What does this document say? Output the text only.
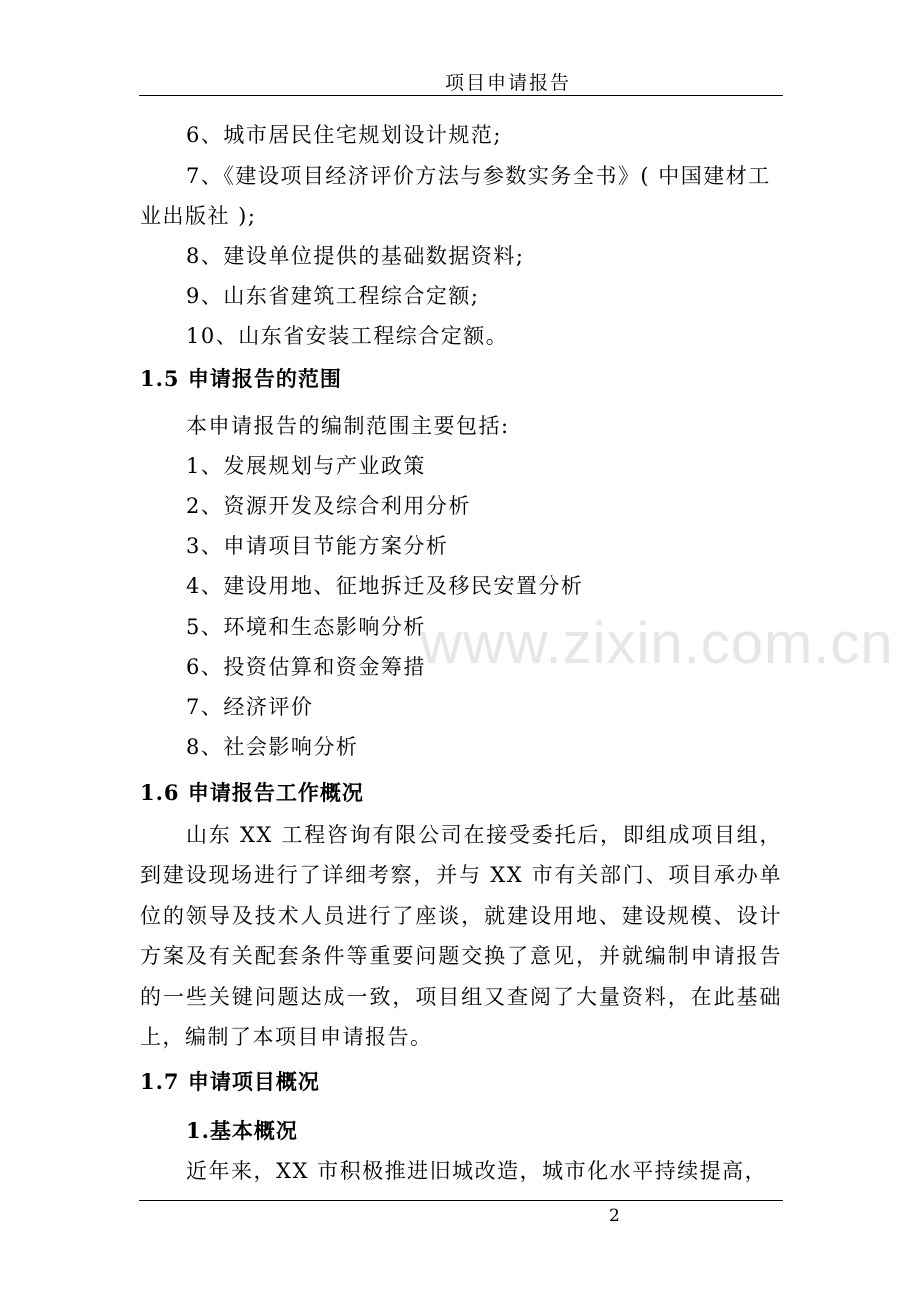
项目申请报告
6、城市居民住宅规划设计规范;
7、《建设项目经济评价方法与参数实务全书》( 中国建材工
业出版社 );
8、建设单位提供的基础数据资料;
9、山东省建筑工程综合定额;
10、山东省安装工程综合定额。
1.5 申请报告的范围
本申请报告的编制范围主要包括:
1、发展规划与产业政策
2、资源开发及综合利用分析
3、申请项目节能方案分析
4、建设用地、征地拆迁及移民安置分析
5、环境和生态影响分析
6、投资估算和资金筹措
7、经济评价
8、社会影响分析
1.6 申请报告工作概况
山东 XX 工程咨询有限公司在接受委托后，即组成项目组，到建设现场进行了详细考察，并与 XX 市有关部门、项目承办单位的领导及技术人员进行了座谈，就建设用地、建设规模、设计方案及有关配套条件等重要问题交换了意见，并就编制申请报告的一些关键问题达成一致，项目组又查阅了大量资料，在此基础上，编制了本项目申请报告。
1.7 申请项目概况
1.基本概况
近年来，XX 市积极推进旧城改造，城市化水平持续提高，
www.zixin.com.cn
2
